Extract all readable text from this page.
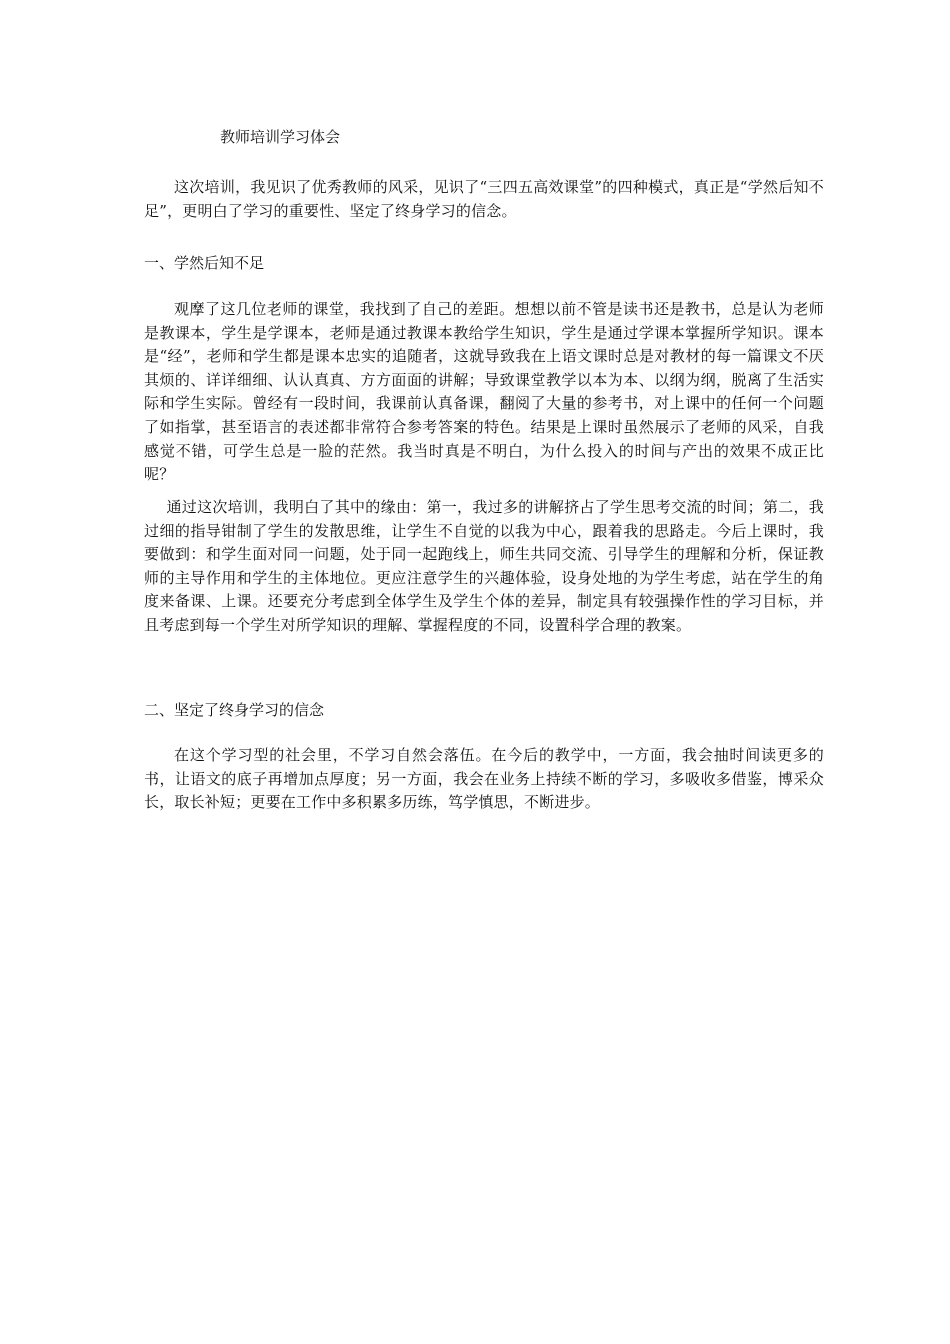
教师培训学习体会

这次培训，我见识了优秀教师的风采，见识了“三四五高效课堂”的四种模式，真正是“学然后知不足”，更明白了学习的重要性、坚定了终身学习的信念。

一、学然后知不足

观摩了这几位老师的课堂，我找到了自己的差距。想想以前不管是读书还是教书，总是认为老师是教课本，学生是学课本，老师是通过教课本教给学生知识，学生是通过学课本掌握所学知识。课本是“经”，老师和学生都是课本忠实的追随者，这就导致我在上语文课时总是对教材的每一篇课文不厌其烦的、详详细细、认认真真、方方面面的讲解；导致课堂教学以本为本、以纲为纲，脱离了生活实际和学生实际。曾经有一段时间，我课前认真备课，翻阅了大量的参考书，对上课中的任何一个问题了如指掌，甚至语言的表述都非常符合参考答案的特色。结果是上课时虽然展示了老师的风采，自我感觉不错，可学生总是一脸的茫然。我当时真是不明白，为什么投入的时间与产出的效果不成正比呢？

通过这次培训，我明白了其中的缘由：第一，我过多的讲解挤占了学生思考交流的时间；第二，我过细的指导钳制了学生的发散思维，让学生不自觉的以我为中心，跟着我的思路走。今后上课时，我要做到：和学生面对同一问题，处于同一起跑线上，师生共同交流、引导学生的理解和分析，保证教师的主导作用和学生的主体地位。更应注意学生的兴趣体验，设身处地的为学生考虑，站在学生的角度来备课、上课。还要充分考虑到全体学生及学生个体的差异，制定具有较强操作性的学习目标，并且考虑到每一个学生对所学知识的理解、掌握程度的不同，设置科学合理的教案。

二、坚定了终身学习的信念

在这个学习型的社会里，不学习自然会落伍。在今后的教学中，一方面，我会抽时间读更多的书，让语文的底子再增加点厚度；另一方面，我会在业务上持续不断的学习，多吸收多借鉴，博采众长，取长补短；更要在工作中多积累多历练，笃学慎思，不断进步。
